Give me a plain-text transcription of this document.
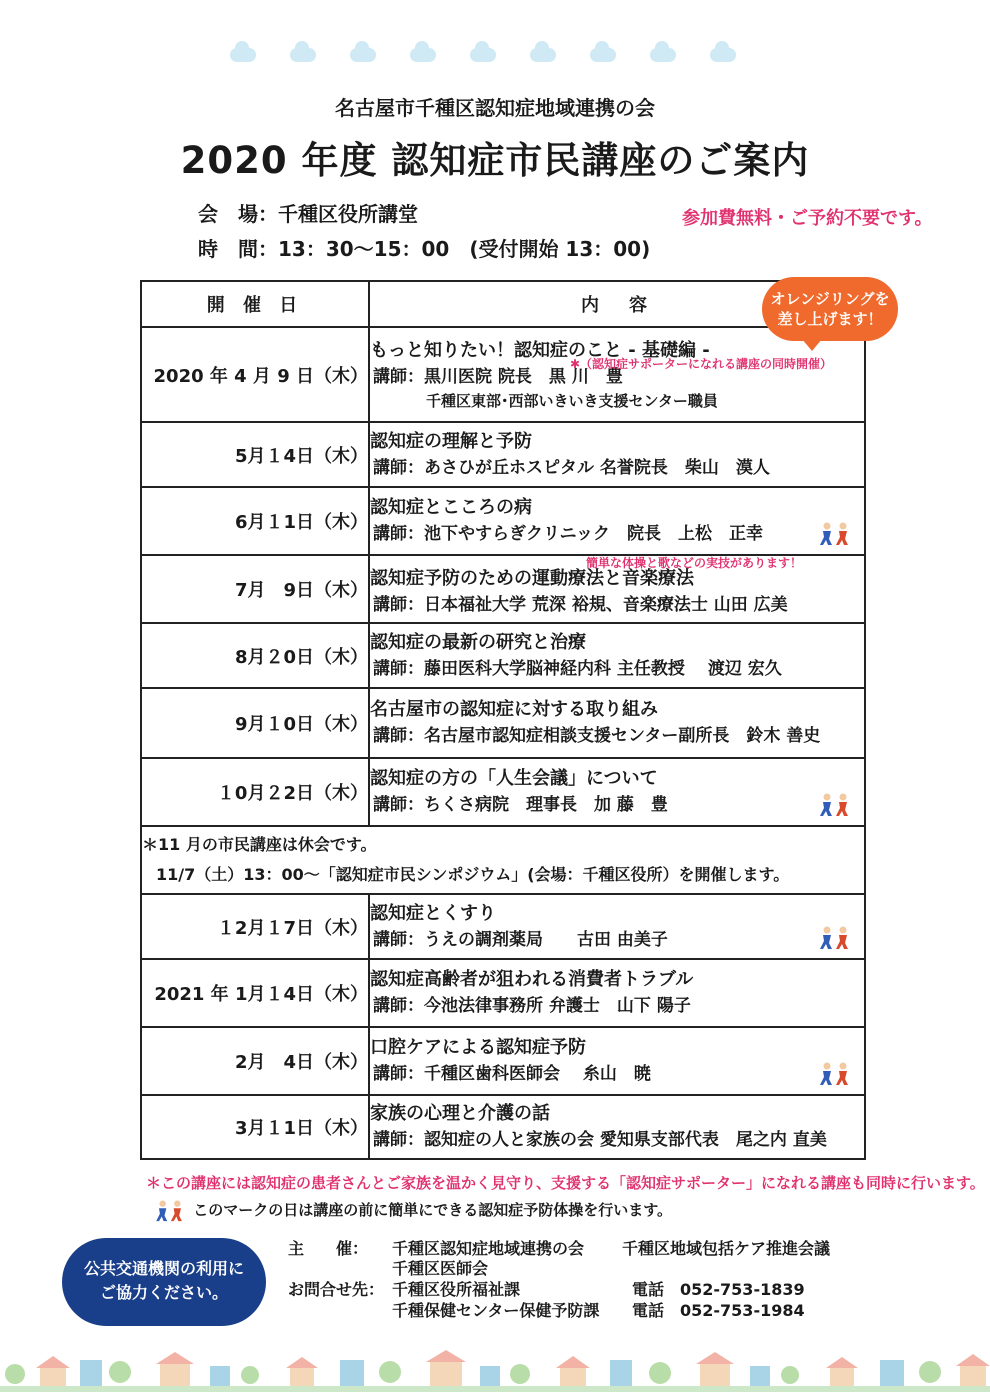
名古屋市千種区認知症地域連携の会
2020 年度 認知症市民講座のご案内
会　場：千種区役所講堂
時　間：13：30～15：00　(受付開始 13：00)
参加費無料・ご予約不要です。
開 催 日	内　容
2020 年 4 月 9 日（木）	もっと知りたい！認知症のこと - 基礎編 -
講師：黒川医院 院長　黒 川　豊
千種区東部･西部いきいき支援センター職員
✱（認知症サポーターになれる講座の同時開催）

5月１4日（木）	認知症の理解と予防
講師：あさひが丘ホスピタル 名誉院長　柴山　漠人

6月１1日（木）	認知症とこころの病
講師：池下やすらぎクリニック　院長　上松　正幸

7月　9日（木）	簡単な体操と歌などの実技があります！
認知症予防のための運動療法と音楽療法
講師：日本福祉大学 荒深 裕規、音楽療法士 山田 広美

8月２0日（木）	認知症の最新の研究と治療
講師：藤田医科大学脳神経内科 主任教授　 渡辺 宏久

9月１0日（木）	名古屋市の認知症に対する取り組み
講師：名古屋市認知症相談支援センター副所長　鈴木 善史

１0月２2日（木）	認知症の方の「人生会議」について
講師：ちくさ病院　理事長　加 藤　豊

＊11 月の市民講座は休会です。
11/7（土）13：00～「認知症市民シンポジウム」(会場：千種区役所）を開催します。	

１2月１7日（木）	認知症とくすり
講師：うえの調剤薬局　　古田 由美子

2021 年 1月１4日（木）	認知症高齢者が狙われる消費者トラブル
講師：今池法律事務所 弁護士　山下 陽子

2月　4日（木）	口腔ケアによる認知症予防
講師：千種区歯科医師会　 糸山　暁

3月１1日（木）	家族の心理と介護の話
講師：認知症の人と家族の会 愛知県支部代表　尾之内 直美
オレンジリングを
差し上げます！
＊この講座には認知症の患者さんとご家族を温かく見守り、支援する「認知症サポーター」になれる講座も同時に行います。
このマークの日は講座の前に簡単にできる認知症予防体操を行います。
公共交通機関の利用に
ご協力ください。
主　　催： 千種区認知症地域連携の会 千種区地域包括ケア推進会議
千種区医師会
お問合せ先： 千種区役所福祉課	電話　052-753-1839
千種保健センター保健予防課 電話　052-753-1984
